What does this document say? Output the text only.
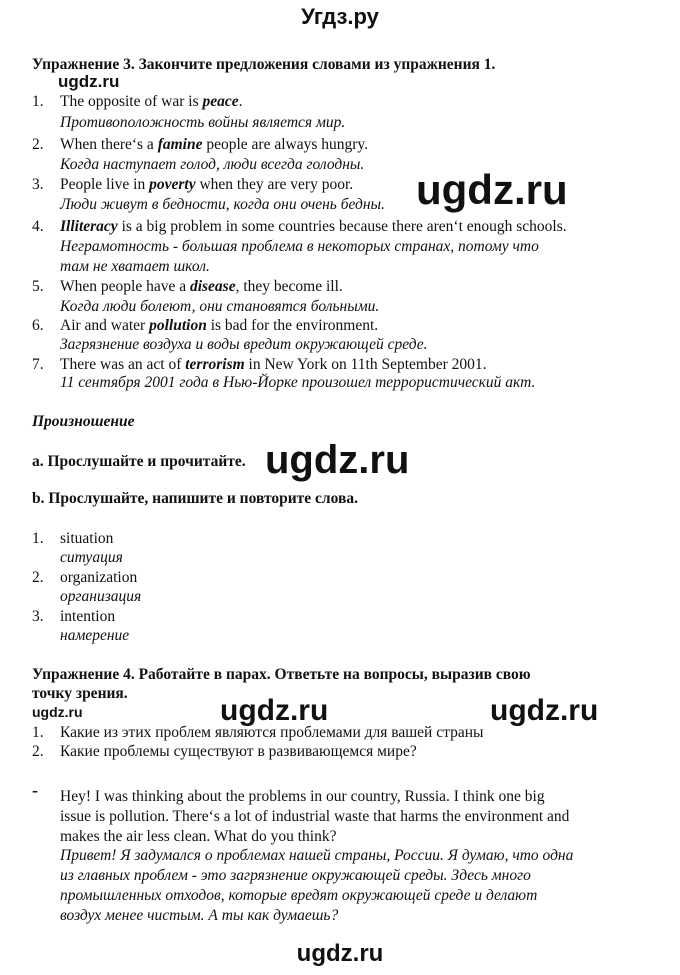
Угдз.ру
Упражнение 3. Закончите предложения словами из упражнения 1.
ugdz.ru
1. The opposite of war is peace.
Противоположность войны является мир.
2. When there‘s a famine people are always hungry.
Когда наступает голод, люди всегда голодны.
3. People live in poverty when they are very poor.
Люди живут в бедности, когда они очень бедны.
4. Illiteracy is a big problem in some countries because there aren‘t enough schools.
Неграмотность - большая проблема в некоторых странах, потому что
там не хватает школ.
5. When people have a disease, they become ill.
Когда люди болеют, они становятся больными.
6. Air and water pollution is bad for the environment.
Загрязнение воздуха и воды вредит окружающей среде.
7. There was an act of terrorism in New York on 11th September 2001.
11 сентября 2001 года в Нью-Йорке произошел террористический акт.
ugdz.ru
Произношение
a. Прослушайте и прочитайте. ugdz.ru
b. Прослушайте, напишите и повторите слова.
1. situation
ситуация
2. organization
организация
3. intention
намерение
Упражнение 4. Работайте в парах. Ответьте на вопросы, выразив свою
точку зрения.
ugdz.ru	ugdz.ru	ugdz.ru
1. Какие из этих проблем являются проблемами для вашей страны
2. Какие проблемы существуют в развивающемся мире?
- Hey! I was thinking about the problems in our country, Russia. I think one big
issue is pollution. There‘s a lot of industrial waste that harms the environment and
makes the air less clean. What do you think?
Привет! Я задумался о проблемах нашей страны, России. Я думаю, что одна
из главных проблем - это загрязнение окружающей среды. Здесь много
промышленных отходов, которые вредят окружающей среде и делают
воздух менее чистым. А ты как думаешь?
ugdz.ru
